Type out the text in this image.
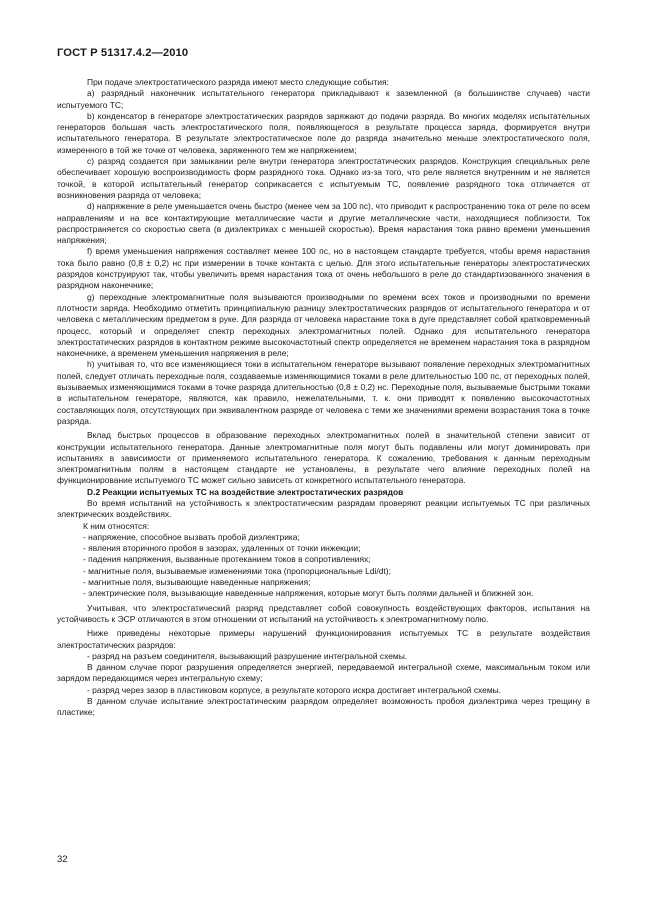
ГОСТ Р 51317.4.2—2010

При подаче электростатического разряда имеют место следующие события:

а) разрядный наконечник испытательного генератора прикладывают к заземленной (в большинстве случаев) части испытуемого ТС;

b) конденсатор в генераторе электростатических разрядов заряжают до подачи разряда. Во многих моделях испытательных генераторов большая часть электростатического поля, появляющегося в результате процесса заряда, формируется внутри испытательного генератора. В результате электростатическое поле до разряда значительно меньше электростатического поля, измеренного в той же точке от человека, заряженного тем же напряжением;

с) разряд создается при замыкании реле внутри генератора электростатических разрядов. Конструкция специальных реле обеспечивает хорошую воспроизводимость форм разрядного тока. Однако из-за того, что реле является внутренним и не является точкой, в которой испытательный генератор соприкасается с испытуемым ТС, появление разрядного тока отличается от возникновения разряда от человека;

d) напряжение в реле уменьшается очень быстро (менее чем за 100 пс), что приводит к распространению тока от реле по всем направлениям и на все контактирующие металлические части и другие металлические части, находящиеся поблизости. Ток распространяется со скоростью света (в диэлектриках с меньшей скоростью). Время нарастания тока равно времени уменьшения напряжения;

f) время уменьшения напряжения составляет менее 100 пс, но в настоящем стандарте требуется, чтобы время нарастания тока было равно (0,8 ± 0,2) нс при измерении в точке контакта с целью. Для этого испытательные генераторы электростатических разрядов конструируют так, чтобы увеличить время нарастания тока от очень небольшого в реле до стандартизованного значения в разрядном наконечнике;

g) переходные электромагнитные поля вызываются производными по времени всех токов и производными по времени плотности заряда. Необходимо отметить принципиальную разницу электростатических разрядов от испытательного генератора и от человека с металлическим предметом в руке. Для разряда от человека нарастание тока в дуге представляет собой кратковременный процесс, который и определяет спектр переходных электромагнитных полей. Однако для испытательного генератора электростатических разрядов в контактном режиме высокочастотный спектр определяется не временем нарастания тока в разрядном наконечнике, а временем уменьшения напряжения в реле;

h) учитывая то, что все изменяющиеся токи в испытательном генераторе вызывают появление переходных электромагнитных полей, следует отличать переходные поля, создаваемые изменяющимися токами в реле длительностью 100 пс, от переходных полей, вызываемых изменяющимися токами в точке разряда длительностью (0,8 ± 0,2) нс. Переходные поля, вызываемые быстрыми токами в испытательном генераторе, являются, как правило, нежелательными, т. к. они приводят к появлению высокочастотных составляющих поля, отсутствующих при эквивалентном разряде от человека с теми же значениями времени возрастания тока в точке разряда.

Вклад быстрых процессов в образование переходных электромагнитных полей в значительной степени зависит от конструкции испытательного генератора. Данные электромагнитные поля могут быть подавлены или могут доминировать при испытаниях в зависимости от применяемого испытательного генератора. К сожалению, требования к данным переходным электромагнитным полям в настоящем стандарте не установлены, в результате чего влияние переходных полей на функционирование испытуемого ТС может сильно зависеть от конкретного испытательного генератора.

D.2 Реакции испытуемых ТС на воздействие электростатических разрядов

Во время испытаний на устойчивость к электростатическим разрядам проверяют реакции испытуемых ТС при различных электрических воздействиях.

К ним относятся:

- напряжение, способное вызвать пробой диэлектрика;

- явления вторичного пробоя в зазорах, удаленных от точки инжекции;

- падения напряжения, вызванные протеканием токов в сопротивлениях;

- магнитные поля, вызываемые изменениями тока (пропорциональные Ldi/dt);

- магнитные поля, вызывающие наведенные напряжения;

- электрические поля, вызывающие наведенные напряжения, которые могут быть полями дальней и ближней зон.

Учитывая, что электростатический разряд представляет собой совокупность воздействующих факторов, испытания на устойчивость к ЭСР отличаются в этом отношении от испытаний на устойчивость к электромагнитному полю.

Ниже приведены некоторые примеры нарушений функционирования испытуемых ТС в результате воздействия электростатических разрядов:

- разряд на разъем соединителя, вызывающий разрушение интегральной схемы.

В данном случае порог разрушения определяется энергией, передаваемой интегральной схеме, максимальным током или зарядом передающимся через интегральную схему;

- разряд через зазор в пластиковом корпусе, в результате которого искра достигает интегральной схемы.

В данном случае испытание электростатическим разрядом определяет возможность пробоя диэлектрика через трещину в пластике;

32
